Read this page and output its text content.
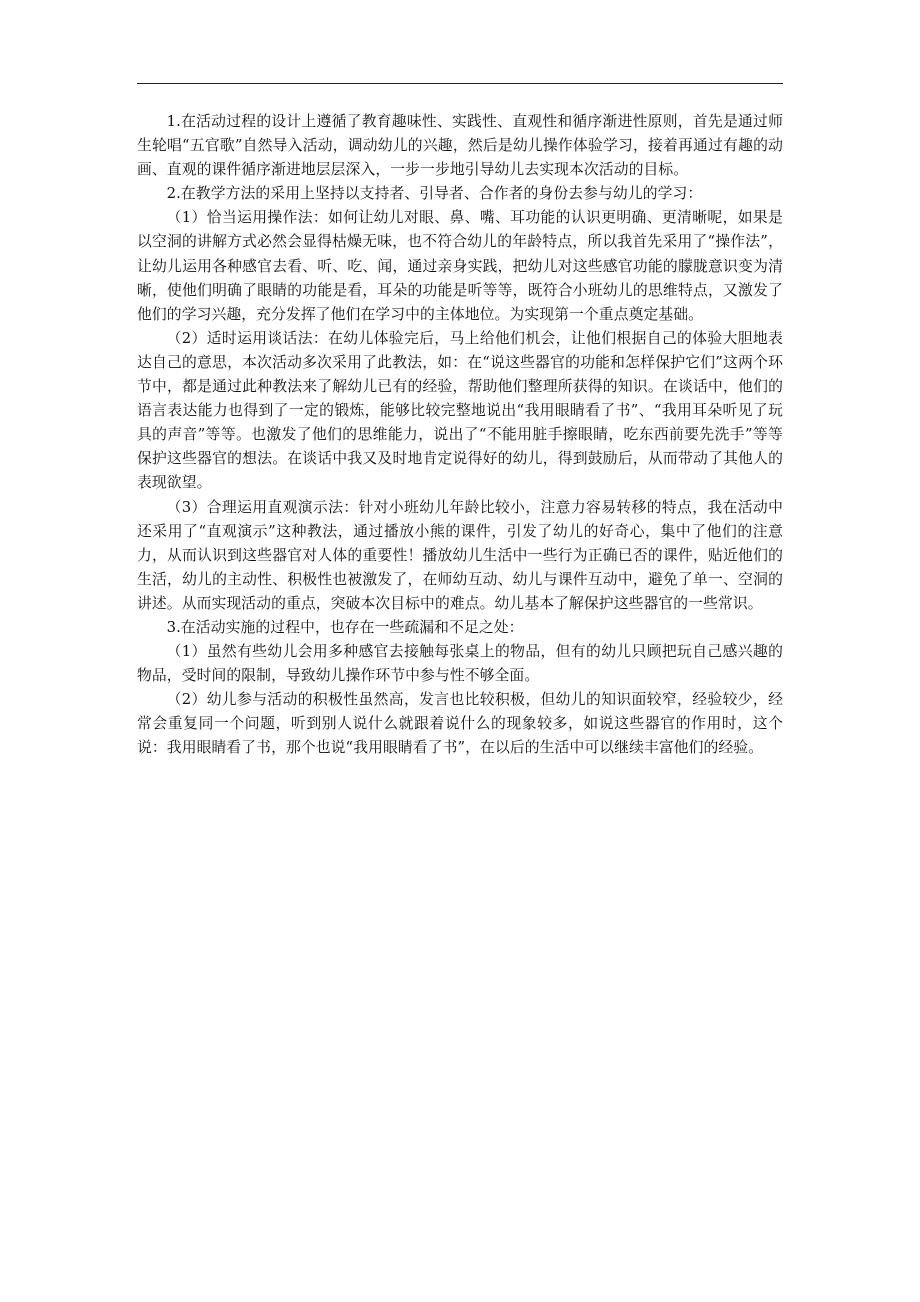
1.在活动过程的设计上遵循了教育趣味性、实践性、直观性和循序渐进性原则，首先是通过师生轮唱“五官歌”自然导入活动，调动幼儿的兴趣，然后是幼儿操作体验学习，接着再通过有趣的动画、直观的课件循序渐进地层层深入，一步一步地引导幼儿去实现本次活动的目标。

2.在教学方法的采用上坚持以支持者、引导者、合作者的身份去参与幼儿的学习：

（1）恰当运用操作法：如何让幼儿对眼、鼻、嘴、耳功能的认识更明确、更清晰呢，如果是以空洞的讲解方式必然会显得枯燥无味，也不符合幼儿的年龄特点，所以我首先采用了“操作法”，让幼儿运用各种感官去看、听、吃、闻，通过亲身实践，把幼儿对这些感官功能的朦胧意识变为清晰，使他们明确了眼睛的功能是看，耳朵的功能是听等等，既符合小班幼儿的思维特点，又激发了他们的学习兴趣，充分发挥了他们在学习中的主体地位。为实现第一个重点奠定基础。

（2）适时运用谈话法：在幼儿体验完后，马上给他们机会，让他们根据自己的体验大胆地表达自己的意思，本次活动多次采用了此教法，如：在“说这些器官的功能和怎样保护它们”这两个环节中，都是通过此种教法来了解幼儿已有的经验，帮助他们整理所获得的知识。在谈话中，他们的语言表达能力也得到了一定的锻炼，能够比较完整地说出“我用眼睛看了书”、“我用耳朵听见了玩具的声音”等等。也激发了他们的思维能力，说出了“不能用脏手擦眼睛，吃东西前要先洗手”等等保护这些器官的想法。在谈话中我又及时地肯定说得好的幼儿，得到鼓励后，从而带动了其他人的表现欲望。

（3）合理运用直观演示法：针对小班幼儿年龄比较小，注意力容易转移的特点，我在活动中还采用了“直观演示”这种教法，通过播放小熊的课件，引发了幼儿的好奇心，集中了他们的注意力，从而认识到这些器官对人体的重要性！播放幼儿生活中一些行为正确已否的课件，贴近他们的生活，幼儿的主动性、积极性也被激发了，在师幼互动、幼儿与课件互动中，避免了单一、空洞的讲述。从而实现活动的重点，突破本次目标中的难点。幼儿基本了解保护这些器官的一些常识。

3.在活动实施的过程中，也存在一些疏漏和不足之处：

（1）虽然有些幼儿会用多种感官去接触每张桌上的物品，但有的幼儿只顾把玩自己感兴趣的物品，受时间的限制，导致幼儿操作环节中参与性不够全面。

（2）幼儿参与活动的积极性虽然高，发言也比较积极，但幼儿的知识面较窄，经验较少，经常会重复同一个问题，听到别人说什么就跟着说什么的现象较多，如说这些器官的作用时，这个说：我用眼睛看了书，那个也说“我用眼睛看了书”，在以后的生活中可以继续丰富他们的经验。
